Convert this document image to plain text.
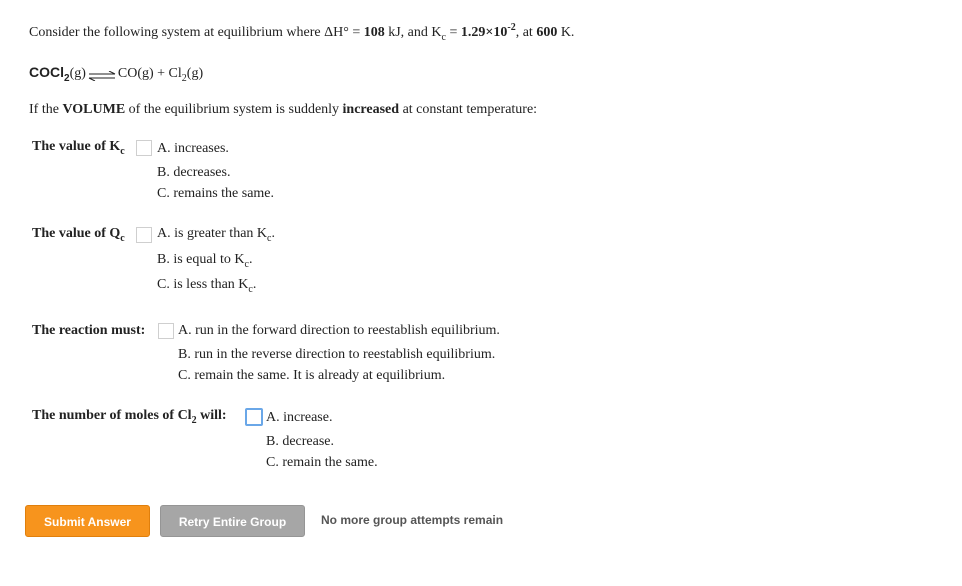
Consider the following system at equilibrium where ΔH° = 108 kJ, and $K_c = 1.29\times 10^{-2}$, at 600 K.
COCl$_2$(g)⇌CO(g) + $Cl_2(g)$
If the VOLUME of the equilibrium system is suddenly increased at constant temperature:
The value of $K_c$ A. increases.
B. decreases.
C. remains the same.
The value of $Q_c$ A. is greater than $K_c$.
B. is equal to $K_c$.
C. is less than $K_c$.
The reaction must: A. run in the forward direction to reestablish equilibrium.
B. run in the reverse direction to reestablish equilibrium.
C. remain the same. It is already at equilibrium.
The number of moles of $Cl_2$ will:	A. increase.
B. decrease.
C. remain the same.
Submit Answer	Retry Entire Group	No more group attempts remain
